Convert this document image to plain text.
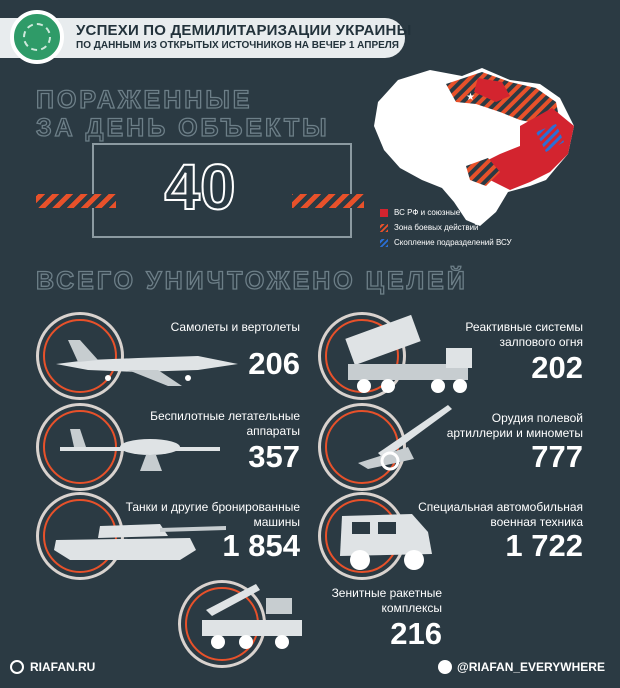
УСПЕХИ ПО ДЕМИЛИТАРИЗАЦИИ УКРАИНЫ
ПО ДАННЫМ ИЗ ОТКРЫТЫХ ИСТОЧНИКОВ НА ВЕЧЕР 1 АПРЕЛЯ
ПОРАЖЕННЫЕ
ЗА ДЕНЬ ОБЪЕКТЫ
40
★
ВС РФ и союзные силы
Зона боевых действий
Скопление подразделений ВСУ
ВСЕГО УНИЧТОЖЕНО ЦЕЛЕЙ
Самолеты и вертолеты
206
Реактивные системы залпового огня
202
Беспилотные летательные аппараты
357
Орудия полевой артиллерии и минометы
777
Танки и другие бронированные машины
1 854
Специальная автомобильная военная техника
1 722
Зенитные ракетные комплексы
216
RIAFAN.RU	@RIAFAN_EVERYWHERE
